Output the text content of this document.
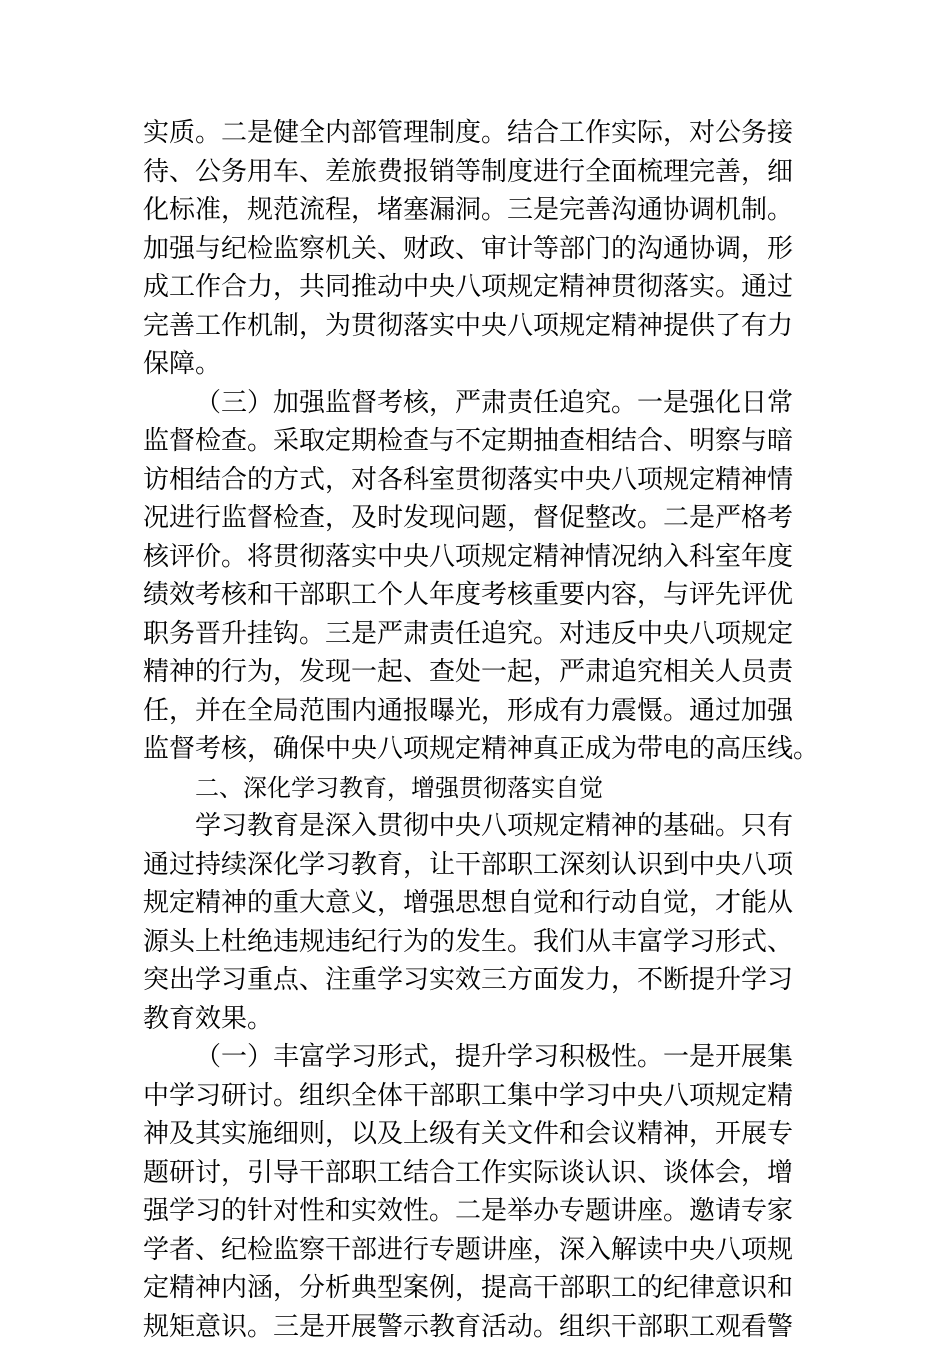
实质。二是健全内部管理制度。结合工作实际，对公务接
待、公务用车、差旅费报销等制度进行全面梳理完善，细
化标准，规范流程，堵塞漏洞。三是完善沟通协调机制。
加强与纪检监察机关、财政、审计等部门的沟通协调，形
成工作合力，共同推动中央八项规定精神贯彻落实。通过
完善工作机制，为贯彻落实中央八项规定精神提供了有力
保障。
（三）加强监督考核，严肃责任追究。一是强化日常
监督检查。采取定期检查与不定期抽查相结合、明察与暗
访相结合的方式，对各科室贯彻落实中央八项规定精神情
况进行监督检查，及时发现问题，督促整改。二是严格考
核评价。将贯彻落实中央八项规定精神情况纳入科室年度
绩效考核和干部职工个人年度考核重要内容，与评先评优
职务晋升挂钩。三是严肃责任追究。对违反中央八项规定
精神的行为，发现一起、查处一起，严肃追究相关人员责
任，并在全局范围内通报曝光，形成有力震慑。通过加强
监督考核，确保中央八项规定精神真正成为带电的高压线。
二、深化学习教育，增强贯彻落实自觉
学习教育是深入贯彻中央八项规定精神的基础。只有
通过持续深化学习教育，让干部职工深刻认识到中央八项
规定精神的重大意义，增强思想自觉和行动自觉，才能从
源头上杜绝违规违纪行为的发生。我们从丰富学习形式、
突出学习重点、注重学习实效三方面发力，不断提升学习
教育效果。
（一）丰富学习形式，提升学习积极性。一是开展集
中学习研讨。组织全体干部职工集中学习中央八项规定精
神及其实施细则，以及上级有关文件和会议精神，开展专
题研讨，引导干部职工结合工作实际谈认识、谈体会，增
强学习的针对性和实效性。二是举办专题讲座。邀请专家
学者、纪检监察干部进行专题讲座，深入解读中央八项规
定精神内涵，分析典型案例，提高干部职工的纪律意识和
规矩意识。三是开展警示教育活动。组织干部职工观看警
